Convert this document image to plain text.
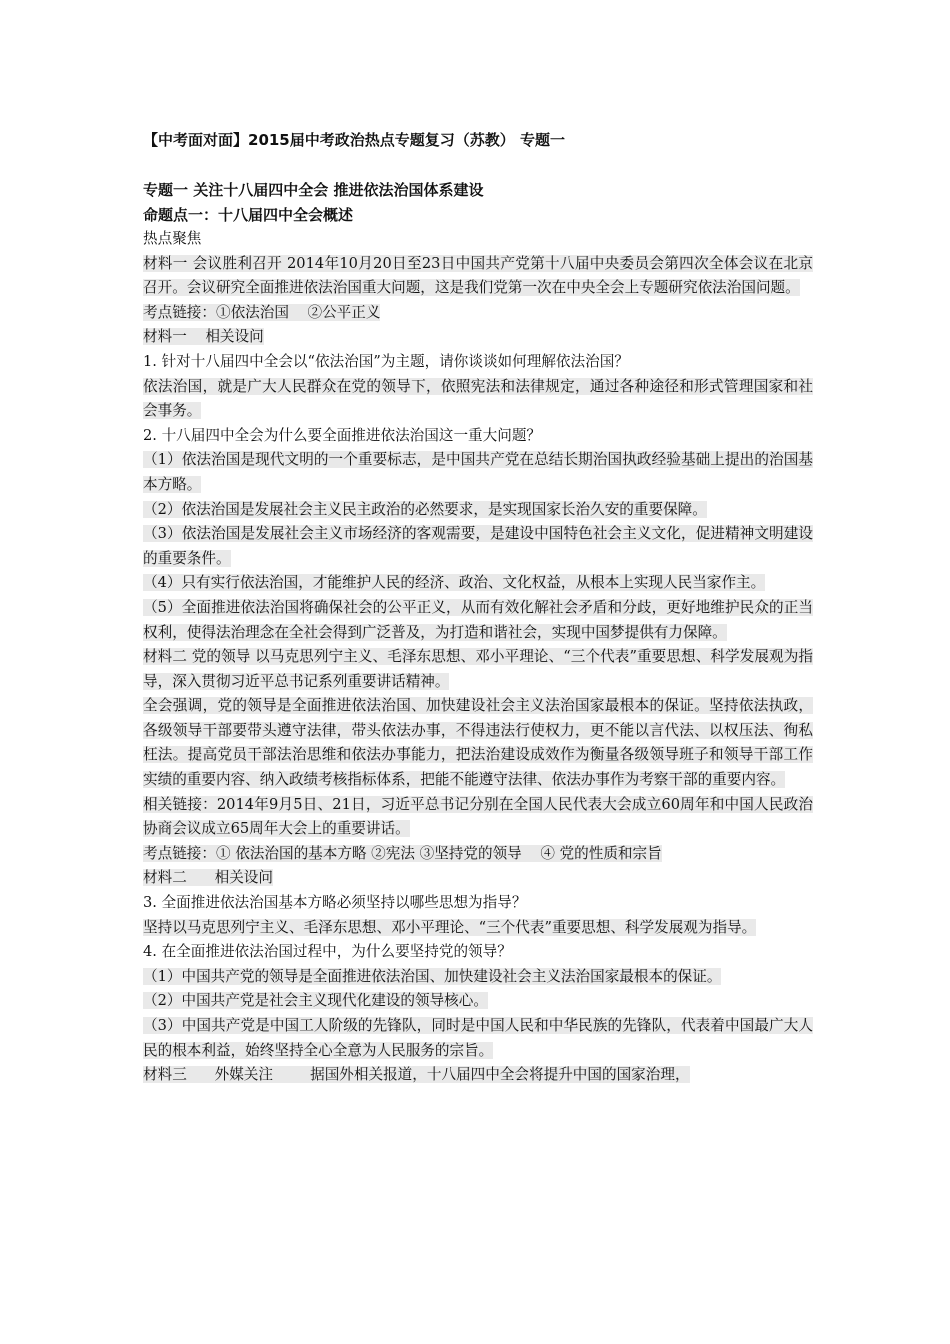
【中考面对面】2015届中考政治热点专题复习（苏教） 专题一
专题一 关注十八届四中全会 推进依法治国体系建设
命题点一：十八届四中全会概述

热点聚焦

材料一 会议胜利召开 2014年10月20日至23日中国共产党第十八届中央委员会第四次全体会议在北京召开。会议研究全面推进依法治国重大问题，这是我们党第一次在中央全会上专题研究依法治国问题。

考点链接：①依法治国    ②公平正义

材料一    相关设问

1. 针对十八届四中全会以“依法治国”为主题，请你谈谈如何理解依法治国？

依法治国，就是广大人民群众在党的领导下，依照宪法和法律规定，通过各种途径和形式管理国家和社会事务。

2. 十八届四中全会为什么要全面推进依法治国这一重大问题？

（1）依法治国是现代文明的一个重要标志，是中国共产党在总结长期治国执政经验基础上提出的治国基本方略。

（2）依法治国是发展社会主义民主政治的必然要求，是实现国家长治久安的重要保障。

（3）依法治国是发展社会主义市场经济的客观需要，是建设中国特色社会主义文化，促进精神文明建设的重要条件。

（4）只有实行依法治国，才能维护人民的经济、政治、文化权益，从根本上实现人民当家作主。

（5）全面推进依法治国将确保社会的公平正义，从而有效化解社会矛盾和分歧，更好地维护民众的正当权利，使得法治理念在全社会得到广泛普及，为打造和谐社会，实现中国梦提供有力保障。

材料二 党的领导 以马克思列宁主义、毛泽东思想、邓小平理论、“三个代表”重要思想、科学发展观为指导，深入贯彻习近平总书记系列重要讲话精神。

全会强调，党的领导是全面推进依法治国、加快建设社会主义法治国家最根本的保证。坚持依法执政，各级领导干部要带头遵守法律，带头依法办事，不得违法行使权力，更不能以言代法、以权压法、徇私枉法。提高党员干部法治思维和依法办事能力，把法治建设成效作为衡量各级领导班子和领导干部工作实绩的重要内容、纳入政绩考核指标体系，把能不能遵守法律、依法办事作为考察干部的重要内容。

相关链接：2014年9月5日、21日，习近平总书记分别在全国人民代表大会成立60周年和中国人民政治协商会议成立65周年大会上的重要讲话。

考点链接：① 依法治国的基本方略 ②宪法 ③坚持党的领导    ④ 党的性质和宗旨

材料二      相关设问

3. 全面推进依法治国基本方略必须坚持以哪些思想为指导？

坚持以马克思列宁主义、毛泽东思想、邓小平理论、“三个代表”重要思想、科学发展观为指导。

4. 在全面推进依法治国过程中，为什么要坚持党的领导？

（1）中国共产党的领导是全面推进依法治国、加快建设社会主义法治国家最根本的保证。

（2）中国共产党是社会主义现代化建设的领导核心。

（3）中国共产党是中国工人阶级的先锋队，同时是中国人民和中华民族的先锋队，代表着中国最广大人民的根本利益，始终坚持全心全意为人民服务的宗旨。

材料三      外媒关注        据国外相关报道，十八届四中全会将提升中国的国家治理，
